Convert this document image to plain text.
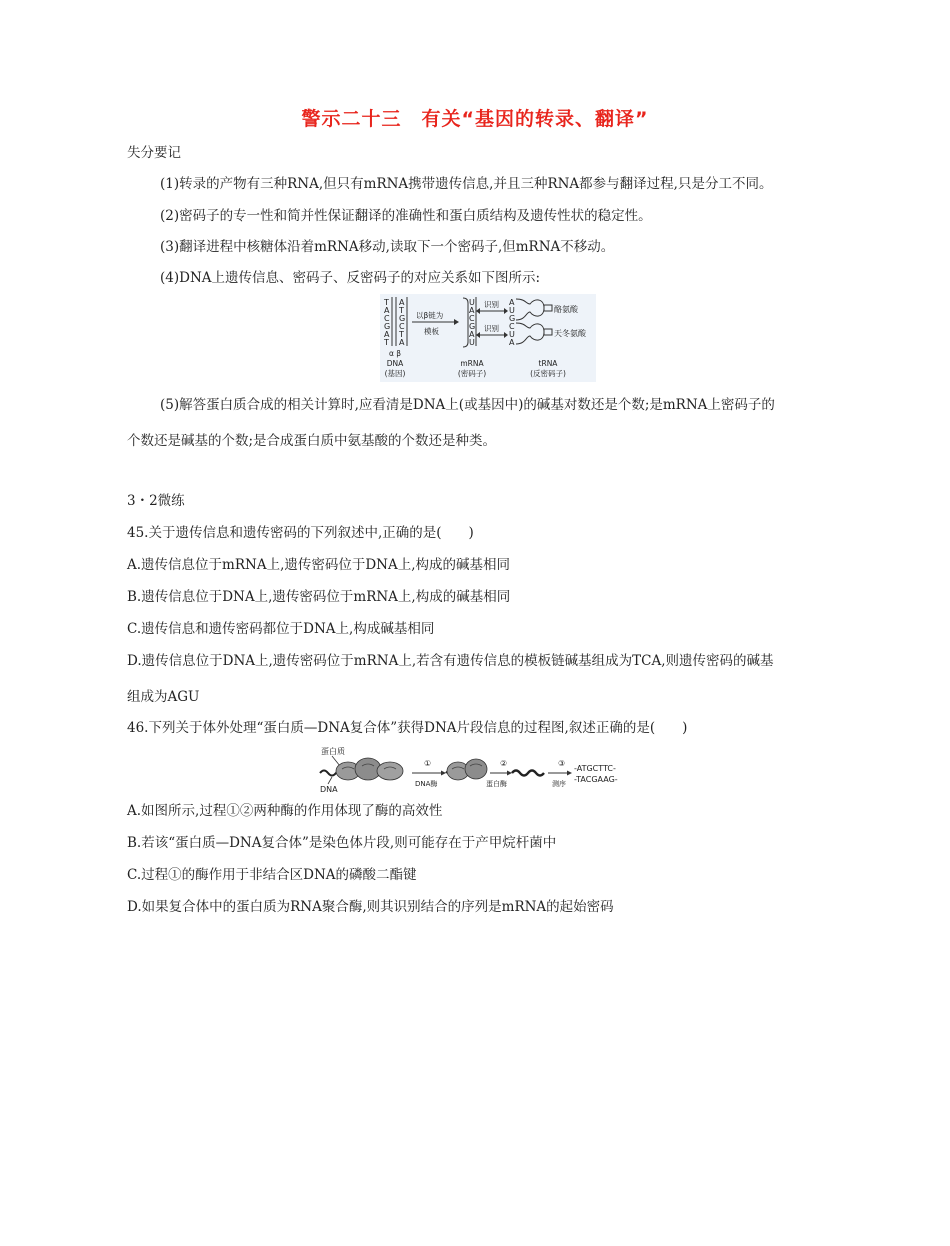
警示二十三　有关“基因的转录、翻译”
失分要记
(1)转录的产物有三种RNA,但只有mRNA携带遗传信息,并且三种RNA都参与翻译过程,只是分工不同。
(2)密码子的专一性和简并性保证翻译的准确性和蛋白质结构及遗传性状的稳定性。
(3)翻译进程中核糖体沿着mRNA移动,读取下一个密码子,但mRNA不移动。
(4)DNA上遗传信息、密码子、反密码子的对应关系如下图所示:
T
A
C
G
A
T
A
T
G
C
T
A
以β链为
模板
U
A
C
G
A
U
识别
识别
A
U
G
C
U
A
酪氨酸
天冬氨酸
α β
DNA
(基因)
mRNA
(密码子)
tRNA
(反密码子)
(5)解答蛋白质合成的相关计算时,应看清是DNA上(或基因中)的碱基对数还是个数;是mRNA上密码子的
个数还是碱基的个数;是合成蛋白质中氨基酸的个数还是种类。
3・2微练
45.关于遗传信息和遗传密码的下列叙述中,正确的是(　　)
A.遗传信息位于mRNA上,遗传密码位于DNA上,构成的碱基相同
B.遗传信息位于DNA上,遗传密码位于mRNA上,构成的碱基相同
C.遗传信息和遗传密码都位于DNA上,构成碱基相同
D.遗传信息位于DNA上,遗传密码位于mRNA上,若含有遗传信息的模板链碱基组成为TCA,则遗传密码的碱基
组成为AGU
46.下列关于体外处理“蛋白质—DNA复合体”获得DNA片段信息的过程图,叙述正确的是(　　)
蛋白质
DNA
①
DNA酶
②
蛋白酶
③
测序
-ATGCTTC-
-TACGAAG-
A.如图所示,过程①②两种酶的作用体现了酶的高效性
B.若该“蛋白质—DNA复合体”是染色体片段,则可能存在于产甲烷杆菌中
C.过程①的酶作用于非结合区DNA的磷酸二酯键
D.如果复合体中的蛋白质为RNA聚合酶,则其识别结合的序列是mRNA的起始密码
